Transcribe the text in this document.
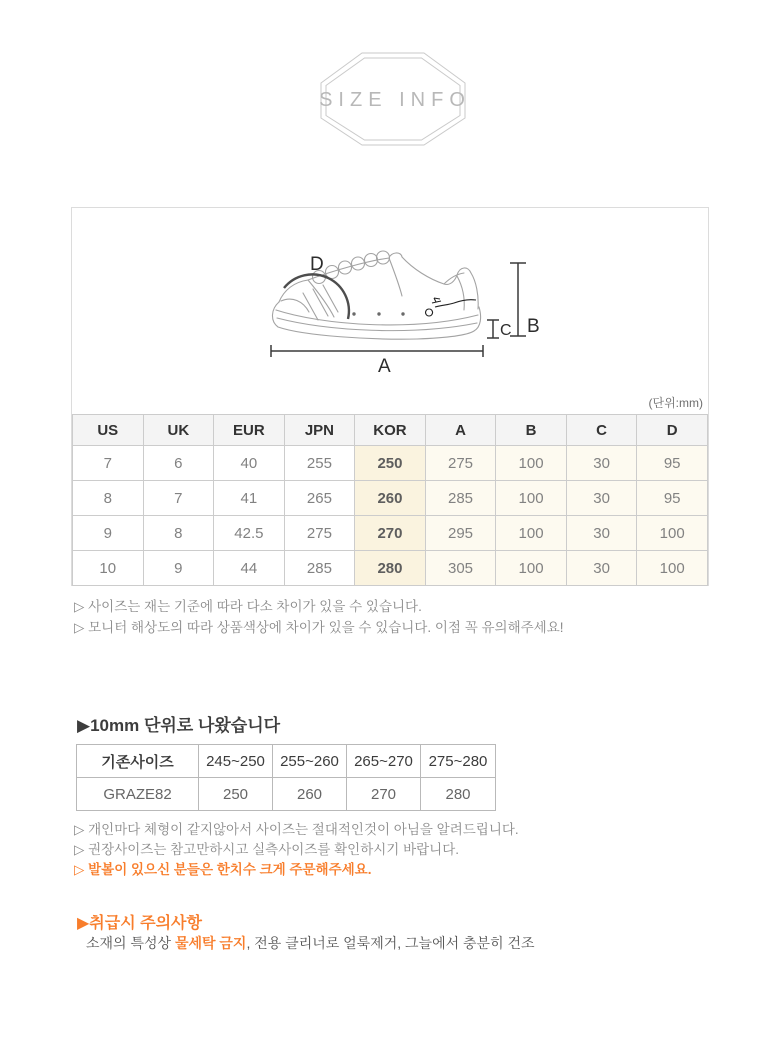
SIZE INFO
A
B
C
D
(단위:mm)
US	UK	EUR	JPN	KOR	A	B	C	D
7	6	40	255	250	275	100	30	95
8	7	41	265	260	285	100	30	95
9	8	42.5	275	270	295	100	30	100
10	9	44	285	280	305	100	30	100
▷ 사이즈는 재는 기준에 따라 다소 차이가 있을 수 있습니다.
▷ 모니터 해상도의 따라 상품색상에 차이가 있을 수 있습니다. 이점 꼭 유의해주세요!
▶10mm 단위로 나왔습니다
기존사이즈	245~250	255~260	265~270	275~280
GRAZE82	250	260	270	280
▷ 개인마다 체형이 같지않아서 사이즈는 절대적인것이 아님을 알려드립니다.
▷ 권장사이즈는 참고만하시고 실측사이즈를 확인하시기 바랍니다.
▷ 발볼이 있으신 분들은 한치수 크게 주문해주세요.
▶취급시 주의사항
소재의 특성상 물세탁 금지, 전용 클리너로 얼룩제거, 그늘에서 충분히 건조
